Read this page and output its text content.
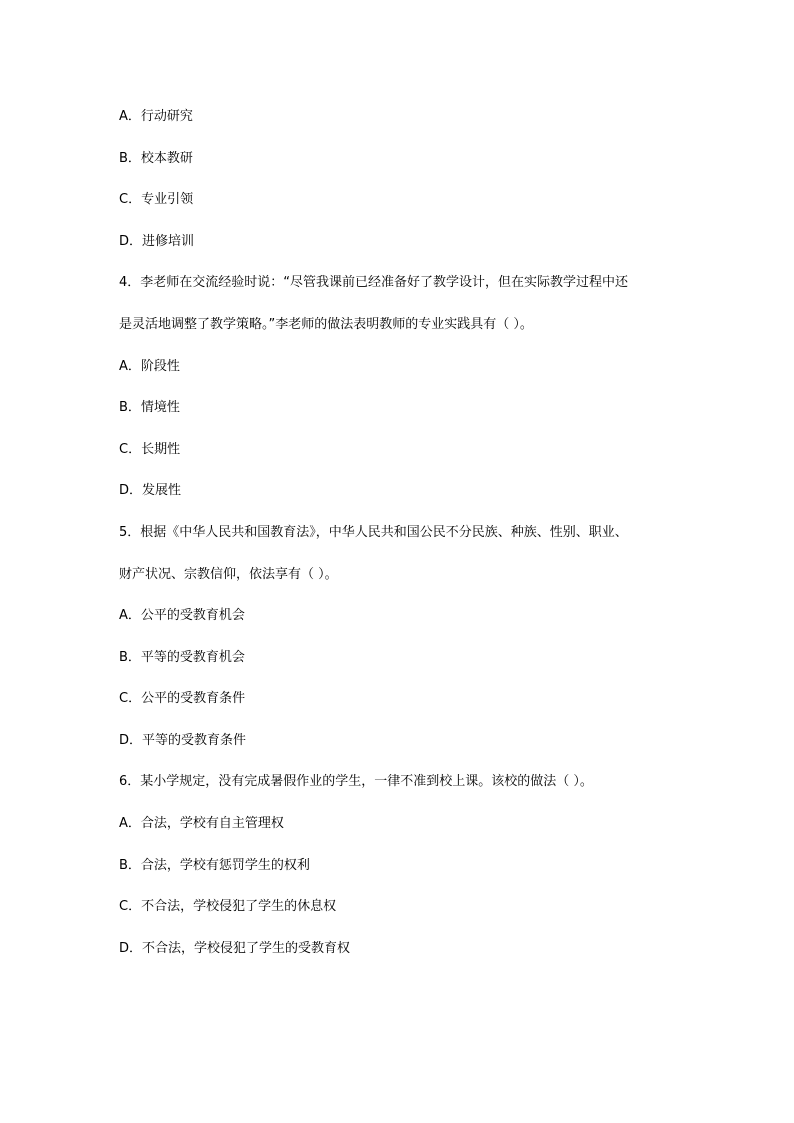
A．行动研究

B．校本教研

C．专业引领

D．进修培训

4．李老师在交流经验时说：“尽管我课前已经准备好了教学设计，但在实际教学过程中还

是灵活地调整了教学策略。”李老师的做法表明教师的专业实践具有（ ）。

A．阶段性

B．情境性

C．长期性

D．发展性

5．根据《中华人民共和国教育法》，中华人民共和国公民不分民族、种族、性别、职业、

财产状况、宗教信仰，依法享有（ ）。

A．公平的受教育机会

B．平等的受教育机会

C．公平的受教育条件

D．平等的受教育条件

6．某小学规定，没有完成暑假作业的学生，一律不准到校上课。该校的做法（ ）。

A．合法，学校有自主管理权

B．合法，学校有惩罚学生的权利

C．不合法，学校侵犯了学生的休息权

D．不合法，学校侵犯了学生的受教育权
